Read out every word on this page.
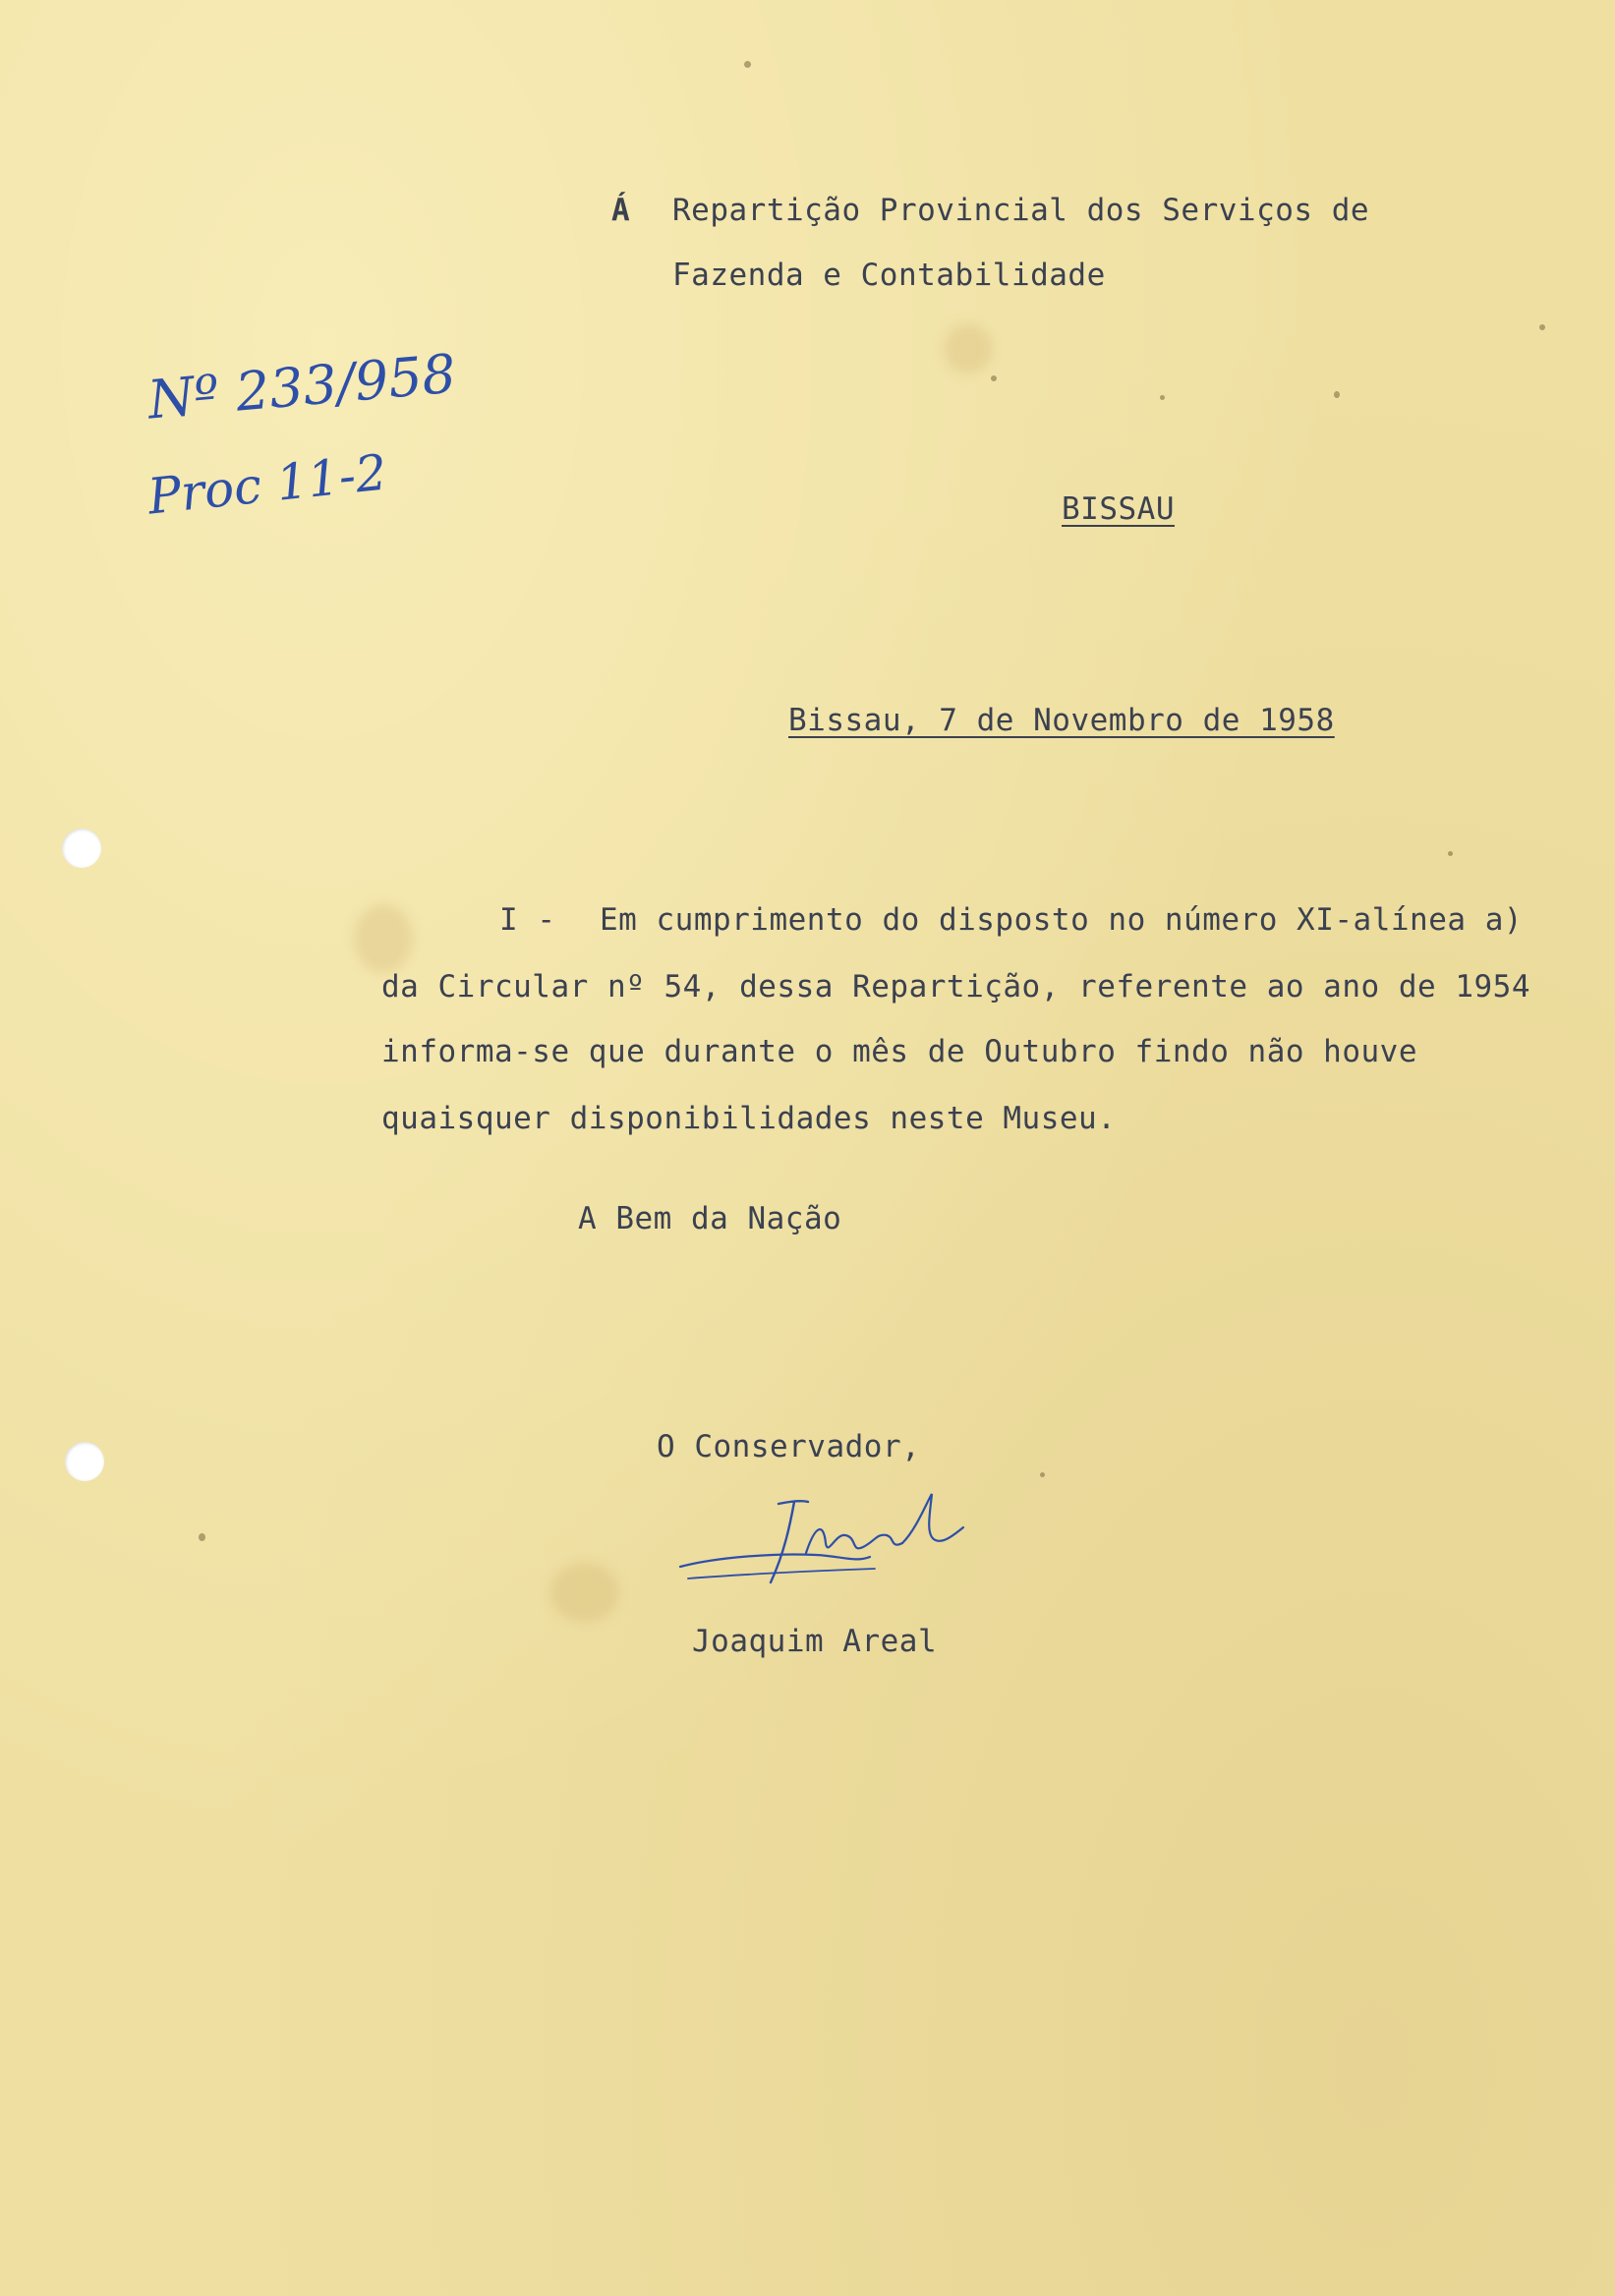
Á Repartição Provincial dos Serviços de
Fazenda e Contabilidade
Nº 233/958
Proc 11-2	BISSAU
Bissau, 7 de Novembro de 1958
I - Em cumprimento do disposto no número XI-alínea a)
da Circular nº 54, dessa Repartição, referente ao ano de 1954
informa-se que durante o mês de Outubro findo não houve
quaisquer disponibilidades neste Museu.
A Bem da Nação
O Conservador,
Joaquim Areal
